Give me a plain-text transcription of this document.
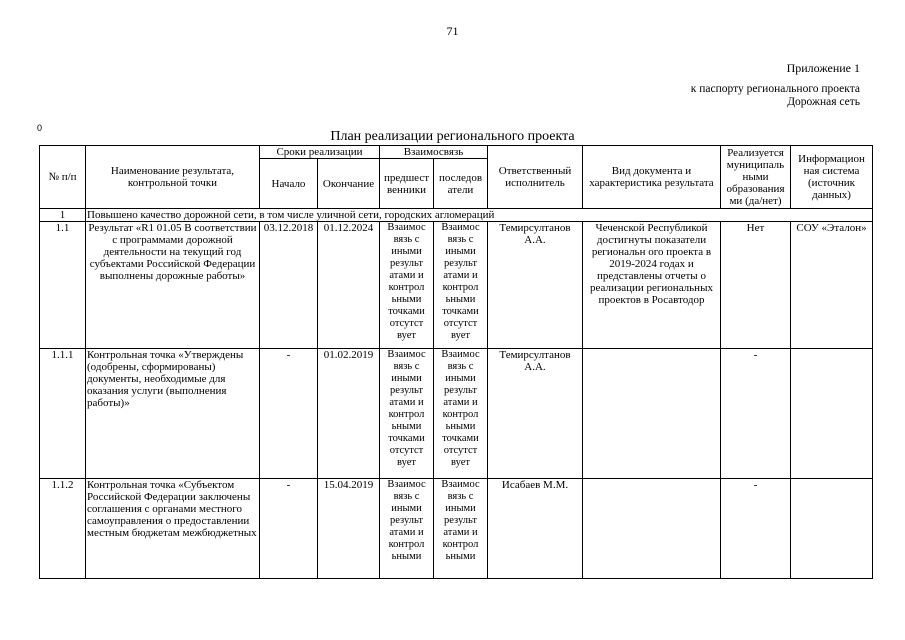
71
Приложение 1
к паспорту регионального проекта
Дорожная сеть
0
План реализации регионального проекта
№ п/п	Наименование результата, контрольной точки	Сроки реализации		Взаимосвязь		Ответственный исполнитель	Вид документа и характеристика результата	Реализуется муниципаль ными образования ми (да/нет)	Информацион ная система (источник данных)
		Начало	Окончание	предшест венники	последов атели				
1	Повышено качество дорожной сети, в том числе уличной сети, городских агломераций								
1.1	Результат «R1 01.05 В соответствии с программами дорожной деятельности на текущий год субъектами Российской Федерации выполнены дорожные работы»	03.12.2018	01.12.2024	Взаимос вязь с иными результ атами и контрол ьными точками отсутст вует	Взаимос вязь с иными результ атами и контрол ьными точками отсутст вует	Темирсултанов А.А.	Чеченской Республикой достигнуты показатели региональн ого проекта в 2019-2024 годах и представлены отчеты о реализации региональных проектов в Росавтодор	Нет	СОУ «Эталон»
1.1.1	Контрольная точка «Утверждены (одобрены, сформированы) документы, необходимые для оказания услуги (выполнения работы)»	-	01.02.2019	Взаимос вязь с иными результ атами и контрол ьными точками отсутст вует	Взаимос вязь с иными результ атами и контрол ьными точками отсутст вует	Темирсултанов А.А.		-	
1.1.2	Контрольная точка «Субъектом Российской Федерации заключены соглашения с органами местного самоуправления о предоставлении местным бюджетам межбюджетных	-	15.04.2019	Взаимос вязь с иными результ атами и контрол ьными	Взаимос вязь с иными результ атами и контрол ьными	Исабаев М.М.		-	
